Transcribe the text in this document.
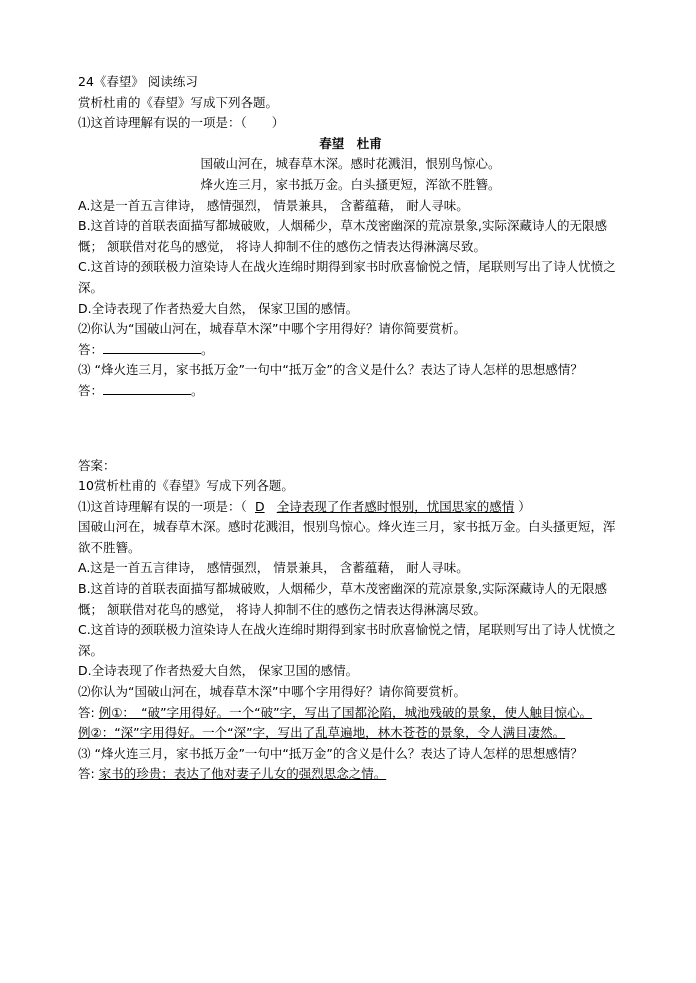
24《春望》 阅读练习
赏析杜甫的《春望》写成下列各题。
⑴这首诗理解有误的一项是：（　　）
春望　杜甫
国破山河在，城春草木深。感时花溅泪，恨别鸟惊心。
烽火连三月，家书抵万金。白头搔更短，浑欲不胜簪。
A.这是一首五言律诗， 感情强烈， 情景兼具， 含蓄蕴藉， 耐人寻味。
B.这首诗的首联表面描写都城破败，人烟稀少，草木茂密幽深的荒凉景象,实际深藏诗人的无限感慨； 颔联借对花鸟的感觉， 将诗人抑制不住的感伤之情表达得淋漓尽致。
C.这首诗的颈联极力渲染诗人在战火连绵时期得到家书时欣喜愉悦之情，尾联则写出了诗人忧愤之深。
D.全诗表现了作者热爱大自然， 保家卫国的感情。
⑵你认为“国破山河在，城春草木深”中哪个字用得好？请你简要赏析。
答：	。
⑶ “烽火连三月，家书抵万金”一句中“抵万金”的含义是什么？表达了诗人怎样的思想感情？
答：	。
答案：
10赏析杜甫的《春望》写成下列各题。
⑴这首诗理解有误的一项是：（ D 全诗表现了作者感时恨别，忧国思家的感情 ）
国破山河在，城春草木深。感时花溅泪，恨别鸟惊心。烽火连三月，家书抵万金。白头搔更短，浑欲不胜簪。
A.这是一首五言律诗， 感情强烈， 情景兼具， 含蓄蕴藉， 耐人寻味。
B.这首诗的首联表面描写都城破败，人烟稀少，草木茂密幽深的荒凉景象,实际深藏诗人的无限感慨； 颔联借对花鸟的感觉， 将诗人抑制不住的感伤之情表达得淋漓尽致。
C.这首诗的颈联极力渲染诗人在战火连绵时期得到家书时欣喜愉悦之情，尾联则写出了诗人忧愤之深。
D.全诗表现了作者热爱大自然， 保家卫国的感情。
⑵你认为“国破山河在，城春草木深”中哪个字用得好？请你简要赏析。
答: 例①：　“破”字用得好。一个“破”字，写出了国都沦陷，城池残破的景象，使人触目惊心。
例②：“深”字用得好。一个“深”字，写出了乱草遍地，林木苍苍的景象，令人满目凄然。
⑶ “烽火连三月，家书抵万金”一句中“抵万金”的含义是什么？表达了诗人怎样的思想感情？
答: 家书的珍贵；表达了他对妻子儿女的强烈思念之情。
